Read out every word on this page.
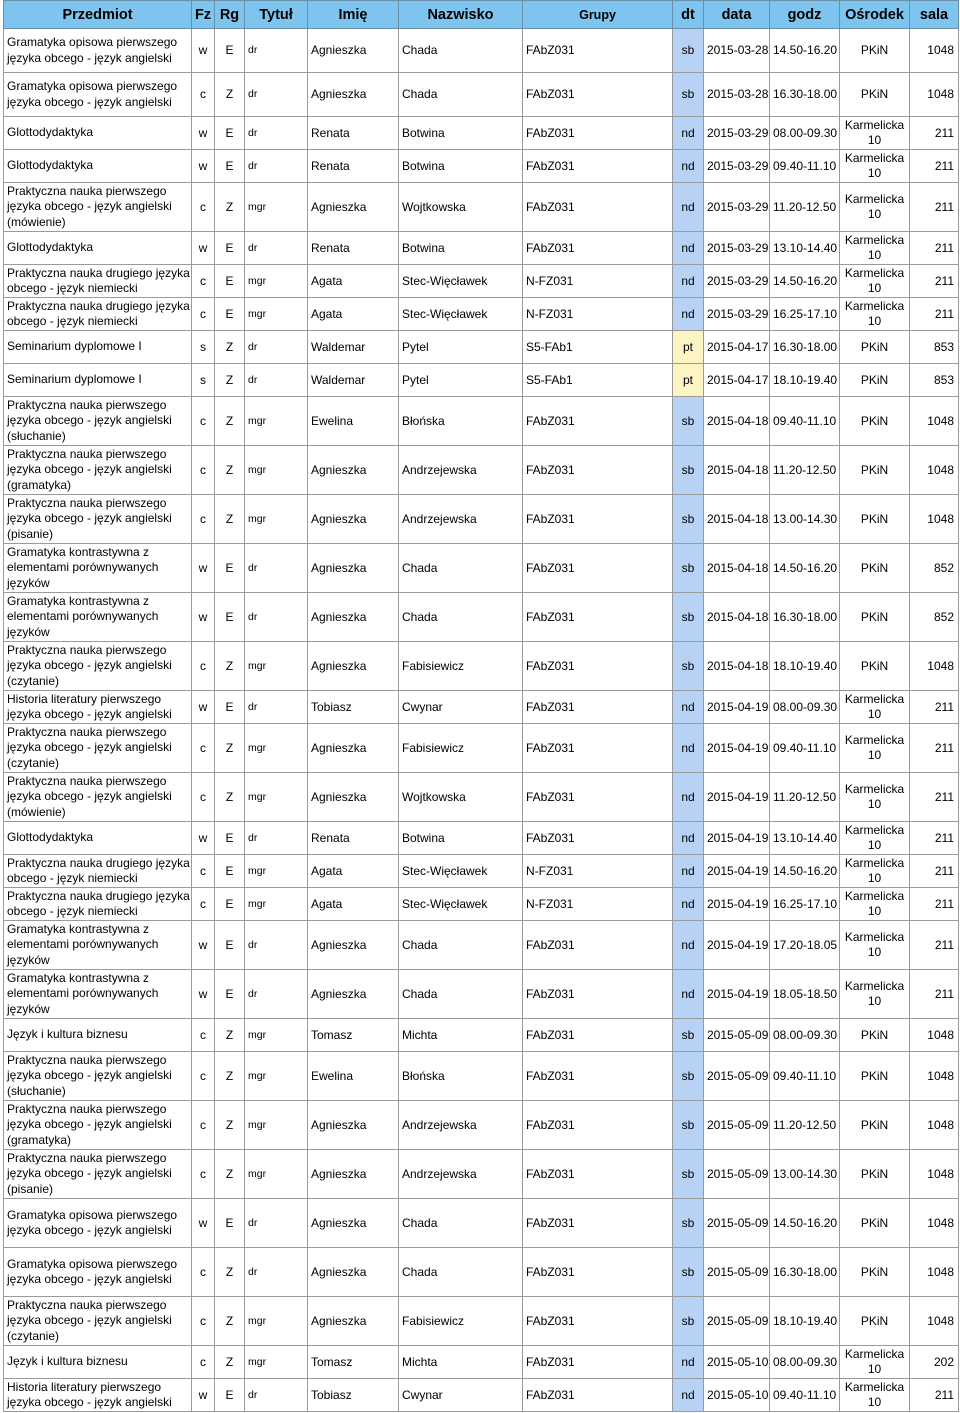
Przedmiot	Fz	Rg	Tytuł	Imię	Nazwisko	Grupy	dt	data	godz	Ośrodek	sala
Gramatyka opisowa pierwszego języka obcego - język angielski	w	E	dr	Agnieszka	Chada	FAbZ031	sb	2015-03-28	14.50-16.20	PKiN	1048
Gramatyka opisowa pierwszego języka obcego - język angielski	c	Z	dr	Agnieszka	Chada	FAbZ031	sb	2015-03-28	16.30-18.00	PKiN	1048
Glottodydaktyka	w	E	dr	Renata	Botwina	FAbZ031	nd	2015-03-29	08.00-09.30	Karmelicka 10	211
Glottodydaktyka	w	E	dr	Renata	Botwina	FAbZ031	nd	2015-03-29	09.40-11.10	Karmelicka 10	211
Praktyczna nauka pierwszego języka obcego - język angielski (mówienie)	c	Z	mgr	Agnieszka	Wojtkowska	FAbZ031	nd	2015-03-29	11.20-12.50	Karmelicka 10	211
Glottodydaktyka	w	E	dr	Renata	Botwina	FAbZ031	nd	2015-03-29	13.10-14.40	Karmelicka 10	211
Praktyczna nauka drugiego języka obcego - język niemiecki	c	E	mgr	Agata	Stec-Więcławek	N-FZ031	nd	2015-03-29	14.50-16.20	Karmelicka 10	211
Praktyczna nauka drugiego języka obcego - język niemiecki	c	E	mgr	Agata	Stec-Więcławek	N-FZ031	nd	2015-03-29	16.25-17.10	Karmelicka 10	211
Seminarium dyplomowe I	s	Z	dr	Waldemar	Pytel	S5-FAb1	pt	2015-04-17	16.30-18.00	PKiN	853
Seminarium dyplomowe I	s	Z	dr	Waldemar	Pytel	S5-FAb1	pt	2015-04-17	18.10-19.40	PKiN	853
Praktyczna nauka pierwszego języka obcego - język angielski (słuchanie)	c	Z	mgr	Ewelina	Błońska	FAbZ031	sb	2015-04-18	09.40-11.10	PKiN	1048
Praktyczna nauka pierwszego języka obcego - język angielski (gramatyka)	c	Z	mgr	Agnieszka	Andrzejewska	FAbZ031	sb	2015-04-18	11.20-12.50	PKiN	1048
Praktyczna nauka pierwszego języka obcego - język angielski (pisanie)	c	Z	mgr	Agnieszka	Andrzejewska	FAbZ031	sb	2015-04-18	13.00-14.30	PKiN	1048
Gramatyka kontrastywna z elementami porównywanych języków	w	E	dr	Agnieszka	Chada	FAbZ031	sb	2015-04-18	14.50-16.20	PKiN	852
Gramatyka kontrastywna z elementami porównywanych języków	w	E	dr	Agnieszka	Chada	FAbZ031	sb	2015-04-18	16.30-18.00	PKiN	852
Praktyczna nauka pierwszego języka obcego - język angielski (czytanie)	c	Z	mgr	Agnieszka	Fabisiewicz	FAbZ031	sb	2015-04-18	18.10-19.40	PKiN	1048
Historia literatury pierwszego języka obcego - język angielski	w	E	dr	Tobiasz	Cwynar	FAbZ031	nd	2015-04-19	08.00-09.30	Karmelicka 10	211
Praktyczna nauka pierwszego języka obcego - język angielski (czytanie)	c	Z	mgr	Agnieszka	Fabisiewicz	FAbZ031	nd	2015-04-19	09.40-11.10	Karmelicka 10	211
Praktyczna nauka pierwszego języka obcego - język angielski (mówienie)	c	Z	mgr	Agnieszka	Wojtkowska	FAbZ031	nd	2015-04-19	11.20-12.50	Karmelicka 10	211
Glottodydaktyka	w	E	dr	Renata	Botwina	FAbZ031	nd	2015-04-19	13.10-14.40	Karmelicka 10	211
Praktyczna nauka drugiego języka obcego - język niemiecki	c	E	mgr	Agata	Stec-Więcławek	N-FZ031	nd	2015-04-19	14.50-16.20	Karmelicka 10	211
Praktyczna nauka drugiego języka obcego - język niemiecki	c	E	mgr	Agata	Stec-Więcławek	N-FZ031	nd	2015-04-19	16.25-17.10	Karmelicka 10	211
Gramatyka kontrastywna z elementami porównywanych języków	w	E	dr	Agnieszka	Chada	FAbZ031	nd	2015-04-19	17.20-18.05	Karmelicka 10	211
Gramatyka kontrastywna z elementami porównywanych języków	w	E	dr	Agnieszka	Chada	FAbZ031	nd	2015-04-19	18.05-18.50	Karmelicka 10	211
Język i kultura biznesu	c	Z	mgr	Tomasz	Michta	FAbZ031	sb	2015-05-09	08.00-09.30	PKiN	1048
Praktyczna nauka pierwszego języka obcego - język angielski (słuchanie)	c	Z	mgr	Ewelina	Błońska	FAbZ031	sb	2015-05-09	09.40-11.10	PKiN	1048
Praktyczna nauka pierwszego języka obcego - język angielski (gramatyka)	c	Z	mgr	Agnieszka	Andrzejewska	FAbZ031	sb	2015-05-09	11.20-12.50	PKiN	1048
Praktyczna nauka pierwszego języka obcego - język angielski (pisanie)	c	Z	mgr	Agnieszka	Andrzejewska	FAbZ031	sb	2015-05-09	13.00-14.30	PKiN	1048
Gramatyka opisowa pierwszego języka obcego - język angielski	w	E	dr	Agnieszka	Chada	FAbZ031	sb	2015-05-09	14.50-16.20	PKiN	1048
Gramatyka opisowa pierwszego języka obcego - język angielski	c	Z	dr	Agnieszka	Chada	FAbZ031	sb	2015-05-09	16.30-18.00	PKiN	1048
Praktyczna nauka pierwszego języka obcego - język angielski (czytanie)	c	Z	mgr	Agnieszka	Fabisiewicz	FAbZ031	sb	2015-05-09	18.10-19.40	PKiN	1048
Język i kultura biznesu	c	Z	mgr	Tomasz	Michta	FAbZ031	nd	2015-05-10	08.00-09.30	Karmelicka 10	202
Historia literatury pierwszego języka obcego - język angielski	w	E	dr	Tobiasz	Cwynar	FAbZ031	nd	2015-05-10	09.40-11.10	Karmelicka 10	211
